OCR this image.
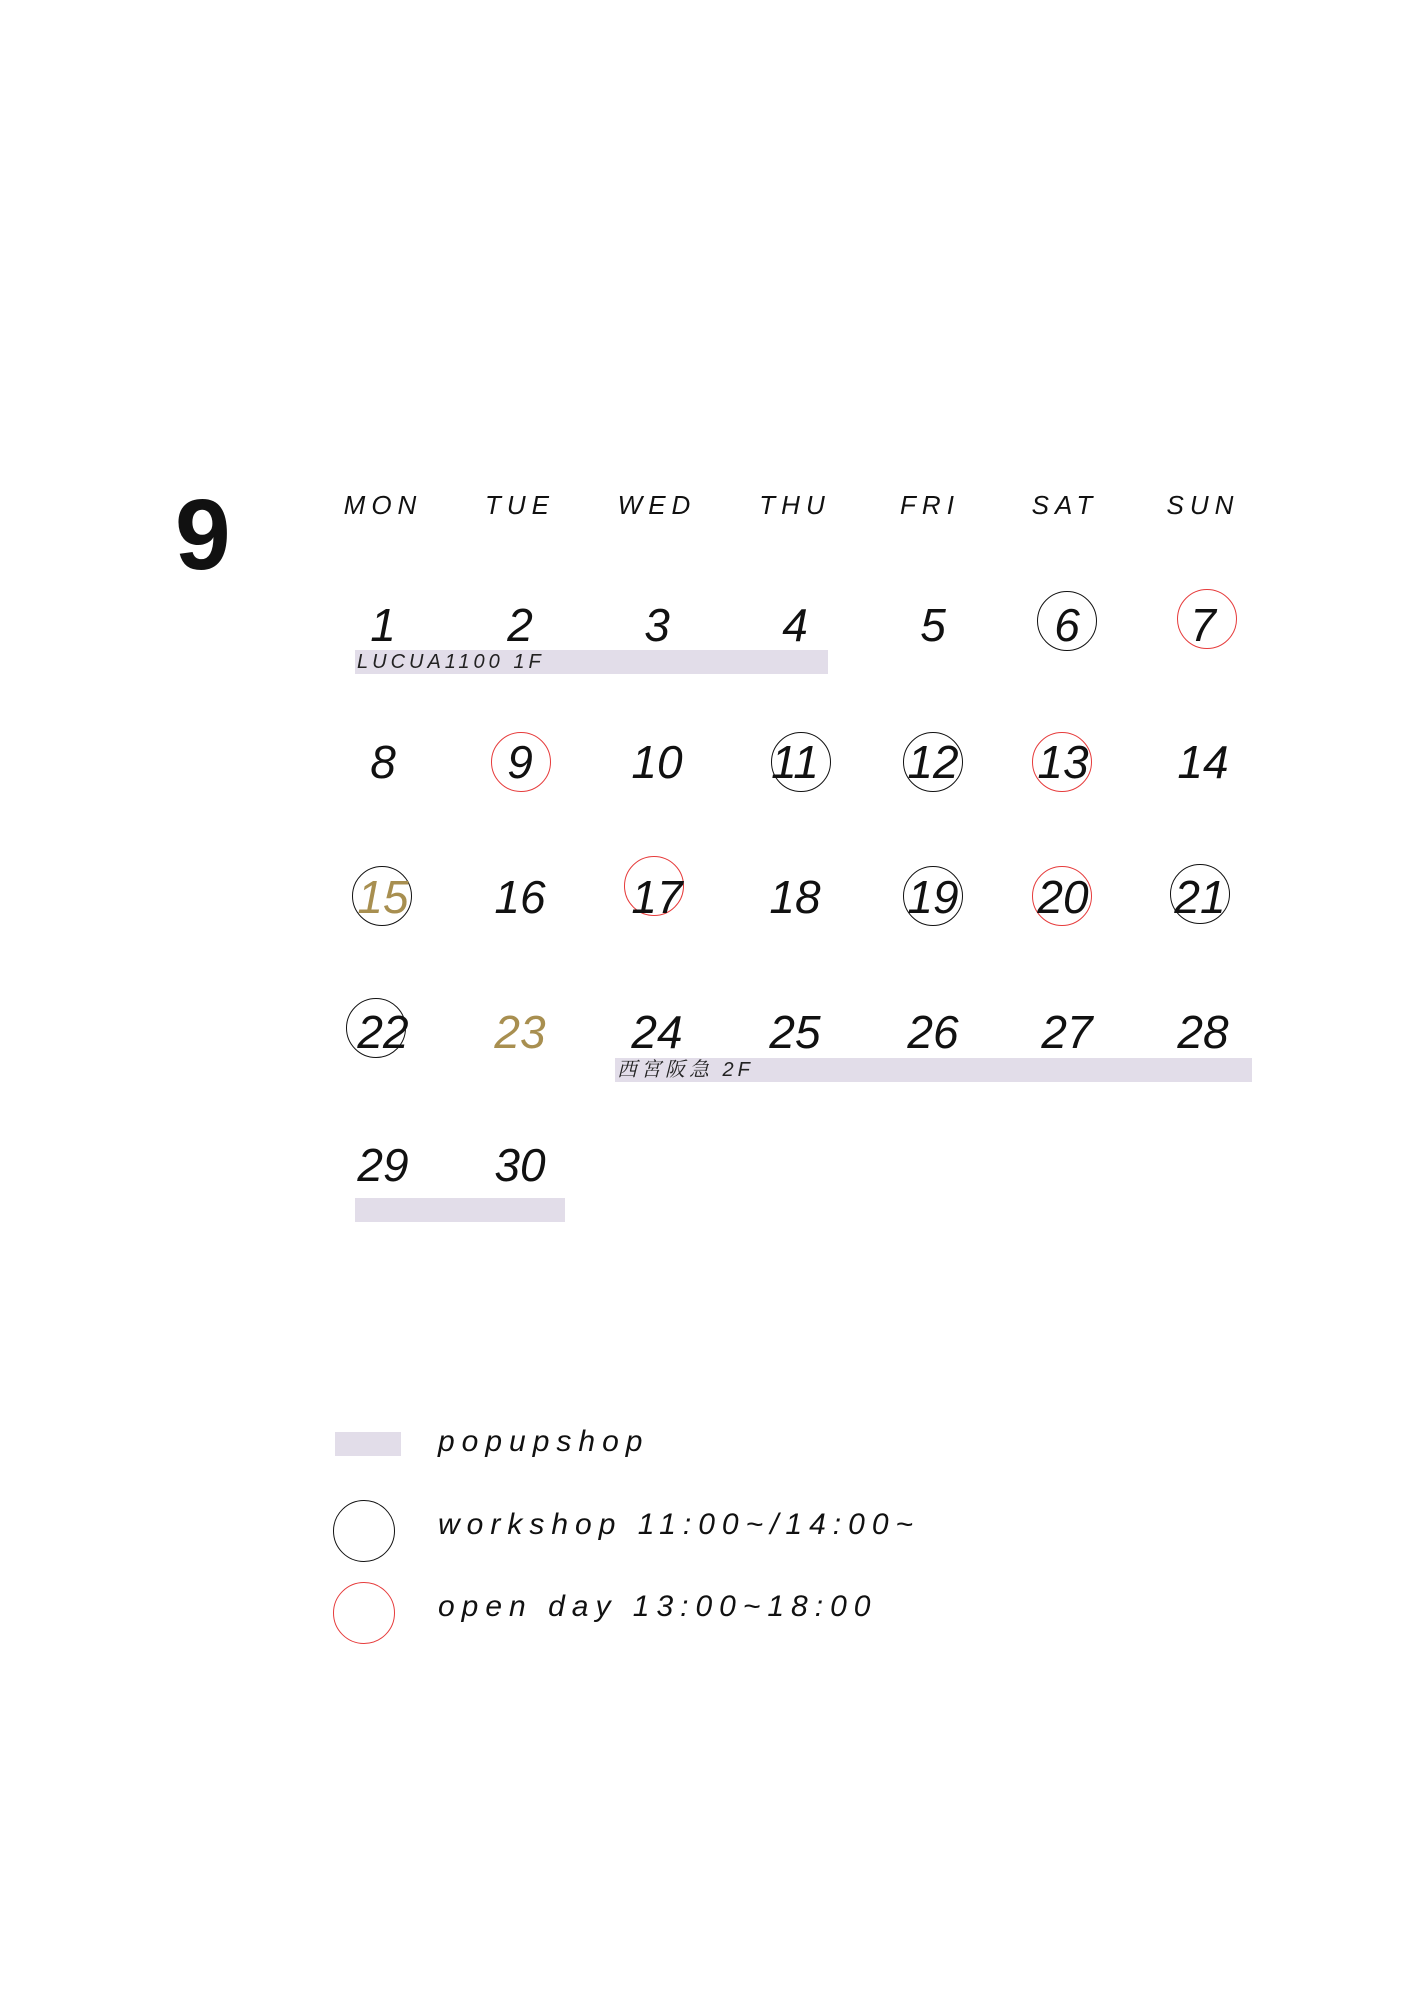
9	MON	TUE	WED	THU	FRI	SAT	SUN
LUCUA1100 1F
西宮阪急 2F
1	2	3	4	5	6	7
8	9	10	11	12	13	14
15	16	17	18	19	20	21
22	23	24	25	26	27	28
29	30
popupshop
workshop 11:00~/14:00~
open day 13:00~18:00
